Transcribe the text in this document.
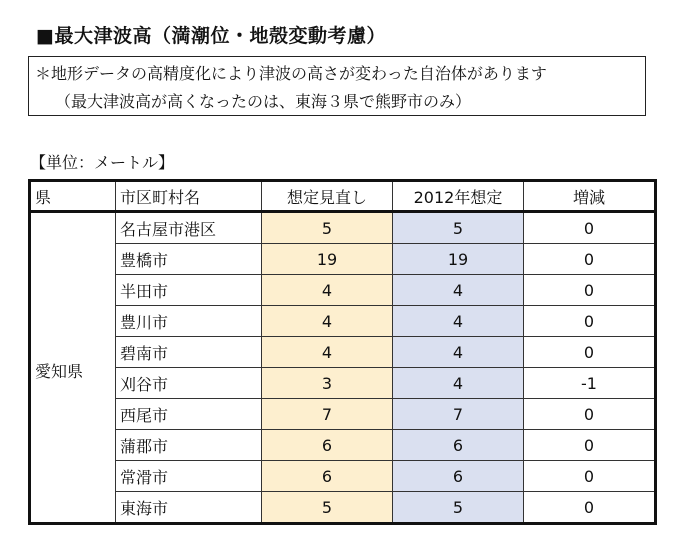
■最大津波高（満潮位・地殻変動考慮）
＊地形データの高精度化により津波の高さが変わった自治体があります
（最大津波高が高くなったのは、東海３県で熊野市のみ）
【単位：メートル】
県	市区町村名	想定見直し	2012年想定	増減
愛知県	名古屋市港区	5	5	0
	豊橋市	19	19	0
	半田市	4	4	0
	豊川市	4	4	0
	碧南市	4	4	0
	刈谷市	3	4	-1
	西尾市	7	7	0
	蒲郡市	6	6	0
	常滑市	6	6	0
	東海市	5	5	0
